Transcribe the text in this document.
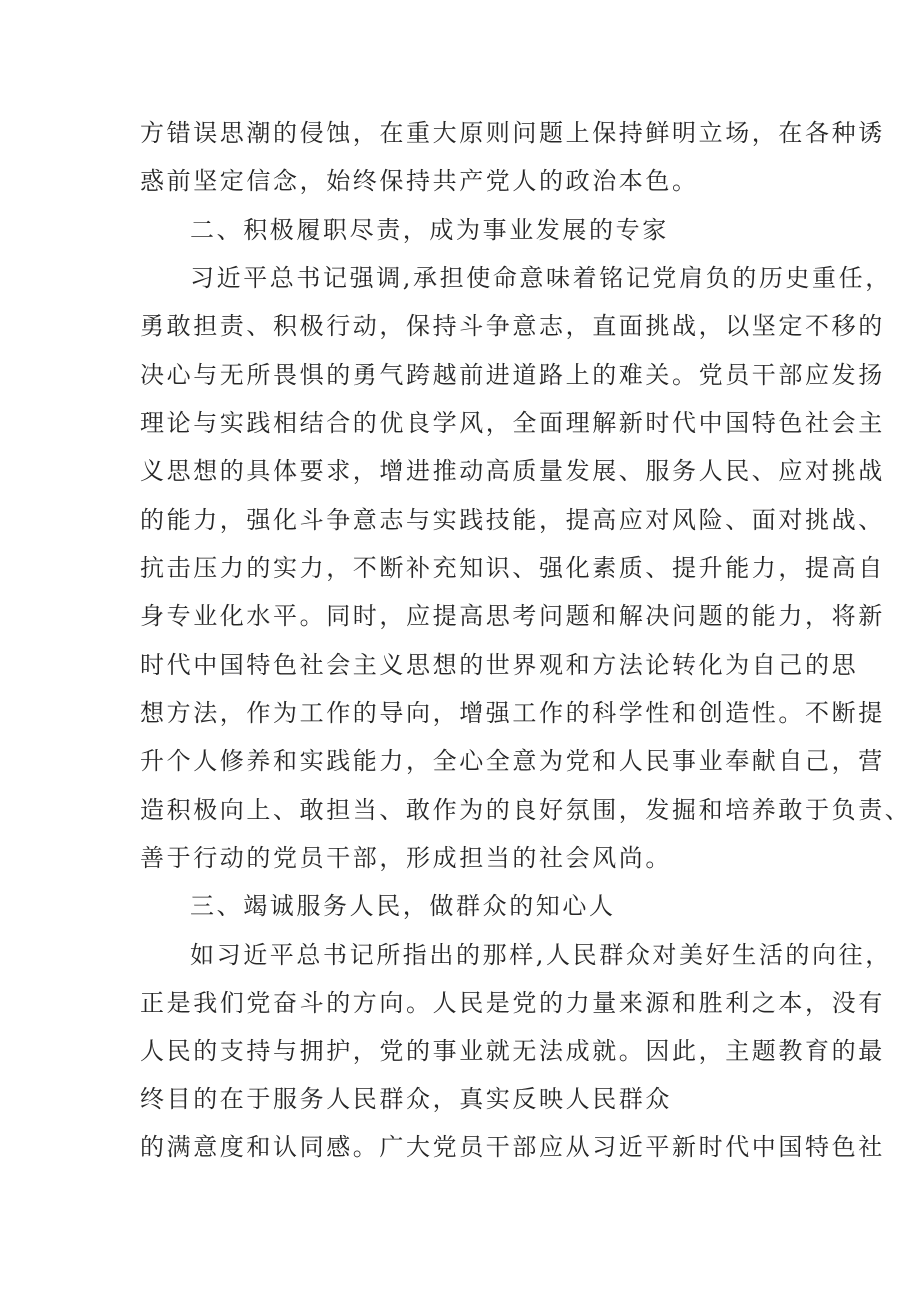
方错误思潮的侵蚀，在重大原则问题上保持鲜明立场，在各种诱
惑前坚定信念，始终保持共产党人的政治本色。
二、积极履职尽责，成为事业发展的专家
习近平总书记强调,承担使命意味着铭记党肩负的历史重任，
勇敢担责、积极行动，保持斗争意志，直面挑战，以坚定不移的
决心与无所畏惧的勇气跨越前进道路上的难关。党员干部应发扬
理论与实践相结合的优良学风，全面理解新时代中国特色社会主
义思想的具体要求，增进推动高质量发展、服务人民、应对挑战
的能力，强化斗争意志与实践技能，提高应对风险、面对挑战、
抗击压力的实力，不断补充知识、强化素质、提升能力，提高自
身专业化水平。同时，应提高思考问题和解决问题的能力，将新
时代中国特色社会主义思想的世界观和方法论转化为自己的思
想方法，作为工作的导向，增强工作的科学性和创造性。不断提
升个人修养和实践能力，全心全意为党和人民事业奉献自己，营
造积极向上、敢担当、敢作为的良好氛围，发掘和培养敢于负责、
善于行动的党员干部，形成担当的社会风尚。
三、竭诚服务人民，做群众的知心人
如习近平总书记所指出的那样,人民群众对美好生活的向往，
正是我们党奋斗的方向。人民是党的力量来源和胜利之本，没有
人民的支持与拥护，党的事业就无法成就。因此，主题教育的最
终目的在于服务人民群众，真实反映人民群众
的满意度和认同感。广大党员干部应从习近平新时代中国特色社
